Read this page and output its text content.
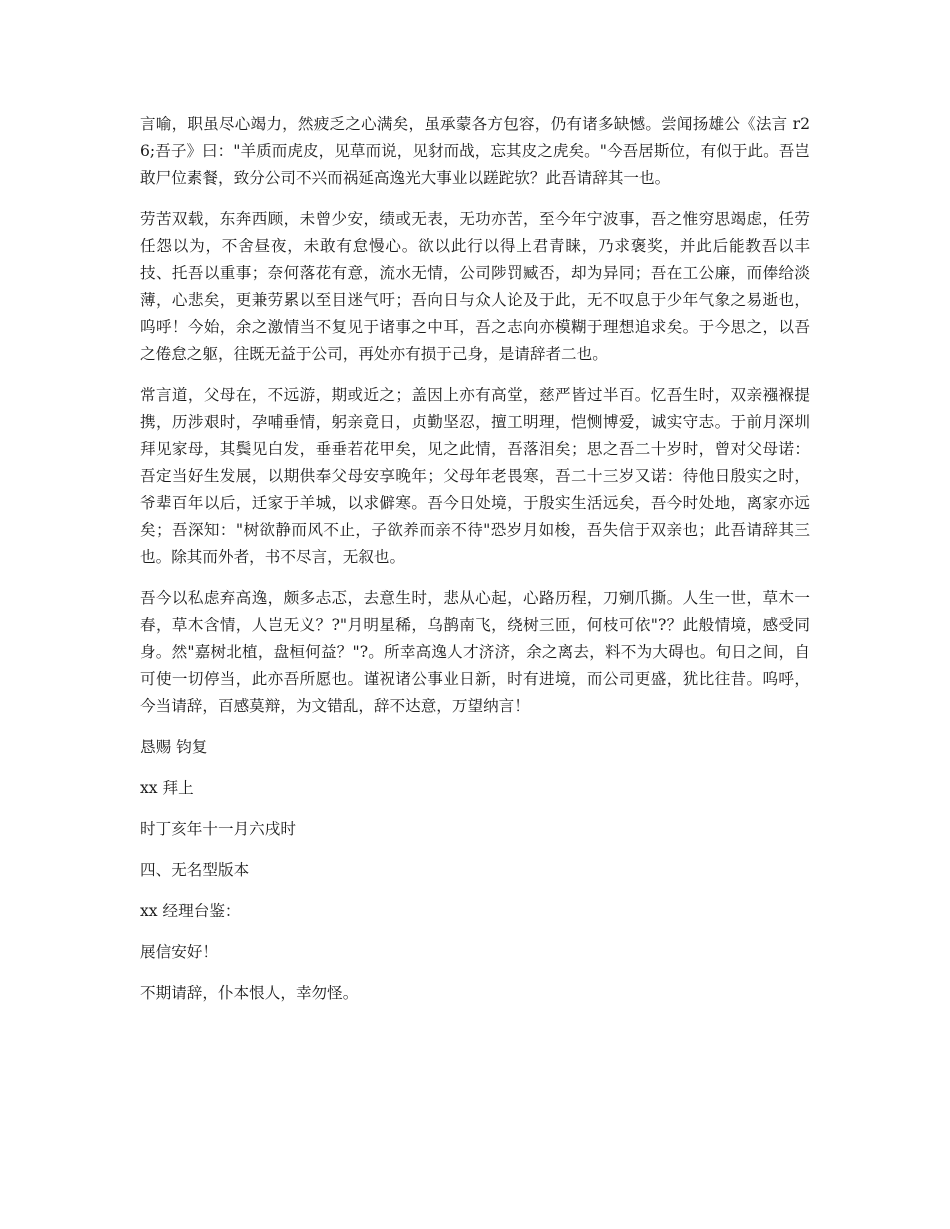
言喻，职虽尽心竭力，然疲乏之心满矣，虽承蒙各方包容，仍有诸多缺憾。尝闻扬雄公《法言 r26;吾子》曰："羊质而虎皮，见草而说，见豺而战，忘其皮之虎矣。"今吾居斯位，有似于此。吾岂敢尸位素餐，致分公司不兴而祸延高逸光大事业以蹉跎欤？此吾请辞其一也。

劳苦双载，东奔西顾，未曾少安，绩或无表，无功亦苦，至今年宁波事，吾之惟穷思竭虑，任劳任怨以为，不舍昼夜，未敢有怠慢心。欲以此行以得上君青睐，乃求褒奖，并此后能教吾以丰技、托吾以重事；奈何落花有意，流水无情，公司陟罚臧否，却为异同；吾在工公廉，而俸给淡薄，心悲矣，更兼劳累以至目迷气吁；吾向日与众人论及于此，无不叹息于少年气象之易逝也，呜呼！今始，余之激情当不复见于诸事之中耳，吾之志向亦模糊于理想追求矣。于今思之，以吾之倦怠之躯，往既无益于公司，再处亦有损于己身，是请辞者二也。

常言道，父母在，不远游，期或近之；盖因上亦有高堂，慈严皆过半百。忆吾生时，双亲襁褓提携，历涉艰时，孕哺垂情，躬亲竟日，贞勤坚忍，擅工明理，恺恻博爱，诚实守志。于前月深圳拜见家母，其鬓见白发，垂垂若花甲矣，见之此情，吾落泪矣；思之吾二十岁时，曾对父母诺：吾定当好生发展，以期供奉父母安享晚年；父母年老畏寒，吾二十三岁又诺：待他日殷实之时，爷辈百年以后，迁家于羊城，以求僻寒。吾今日处境，于殷实生活远矣，吾今时处地，离家亦远矣；吾深知："树欲静而风不止，子欲养而亲不待"恐岁月如梭，吾失信于双亲也；此吾请辞其三也。除其而外者，书不尽言，无叙也。

吾今以私虑弃高逸，颇多忐忑，去意生时，悲从心起，心路历程，刀剜爪撕。人生一世，草木一春，草木含情，人岂无义？?"月明星稀，乌鹊南飞，绕树三匝，何枝可依"?？此般情境，感受同身。然"嘉树北植，盘桓何益？"?。所幸高逸人才济济，余之离去，料不为大碍也。旬日之间，自可使一切停当，此亦吾所愿也。谨祝诸公事业日新，时有进境，而公司更盛，犹比往昔。呜呼，今当请辞，百感莫辩，为文错乱，辞不达意，万望纳言！

恳赐 钧复

xx 拜上

时丁亥年十一月六戌时

四、无名型版本

xx 经理台鉴：

展信安好！

不期请辞，仆本恨人，幸勿怪。
